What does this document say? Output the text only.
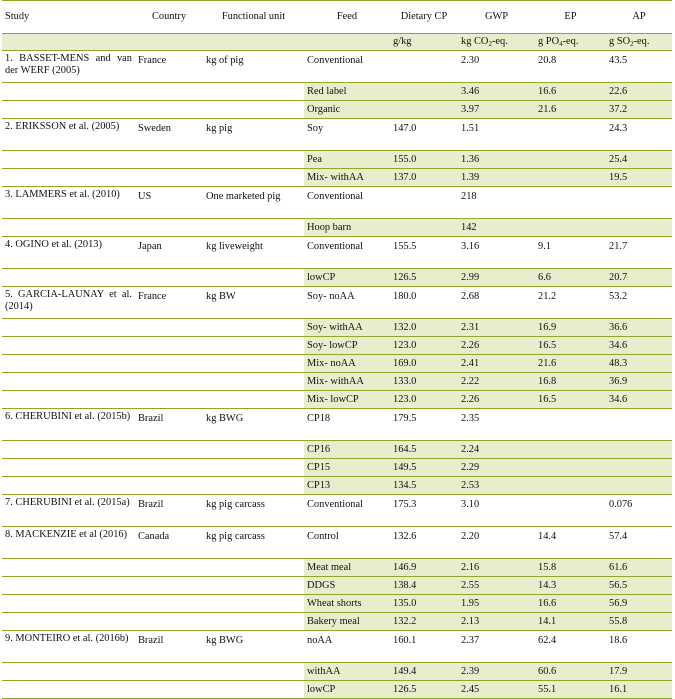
Study	Country	Functional unit	Feed	Dietary CP	GWP	EP	AP
				g/kg	kg $CO_2-eq$.	g $PO_4-eq$.	g $SO_2-eq$.
1. BASSET-MENS and van der WERF (2005)	France	kg of pig	Conventional		2.30	20.8	43.5
			Red label		3.46	16.6	22.6
			Organic		3.97	21.6	37.2
2. ERIKSSON et al. (2005)	Sweden	kg pig	Soy	147.0	1.51		24.3
			Pea	155.0	1.36		25.4
			Mix- withAA	137.0	1.39		19.5
3. LAMMERS et al. (2010)	US	One marketed pig	Conventional		218		
			Hoop barn		142		
4. OGINO et al. (2013)	Japan	kg liveweight	Conventional	155.5	3.16	9.1	21.7
			lowCP	126.5	2.99	6.6	20.7
5. GARCIA-LAUNAY et al. (2014)	France	kg BW	Soy- noAA	180.0	2.68	21.2	53.2
			Soy- withAA	132.0	2.31	16.9	36.6
			Soy- lowCP	123.0	2.26	16.5	34.6
			Mix- noAA	169.0	2.41	21.6	48.3
			Mix- withAA	133.0	2.22	16.8	36.9
			Mix- lowCP	123.0	2.26	16.5	34.6
6. CHERUBINI et al. (2015b)	Brazil	kg BWG	CP18	179.5	2.35		
			CP16	164.5	2.24		
			CP15	149.5	2.29		
			CP13	134.5	2.53		
7. CHERUBINI et al. (2015a)	Brazil	kg pig carcass	Conventional	175.3	3.10		0.076
8. MACKENZIE et al (2016)	Canada	kg pig carcass	Control	132.6	2.20	14.4	57.4
			Meat meal	146.9	2.16	15.8	61.6
			DDGS	138.4	2.55	14.3	56.5
			Wheat shorts	135.0	1.95	16.6	56.9
			Bakery meal	132.2	2.13	14.1	55.8
9. MONTEIRO et al. (2016b)	Brazil	kg BWG	noAA	160.1	2.37	62.4	18.6
			withAA	149.4	2.39	60.6	17.9
			lowCP	126.5	2.45	55.1	16.1
